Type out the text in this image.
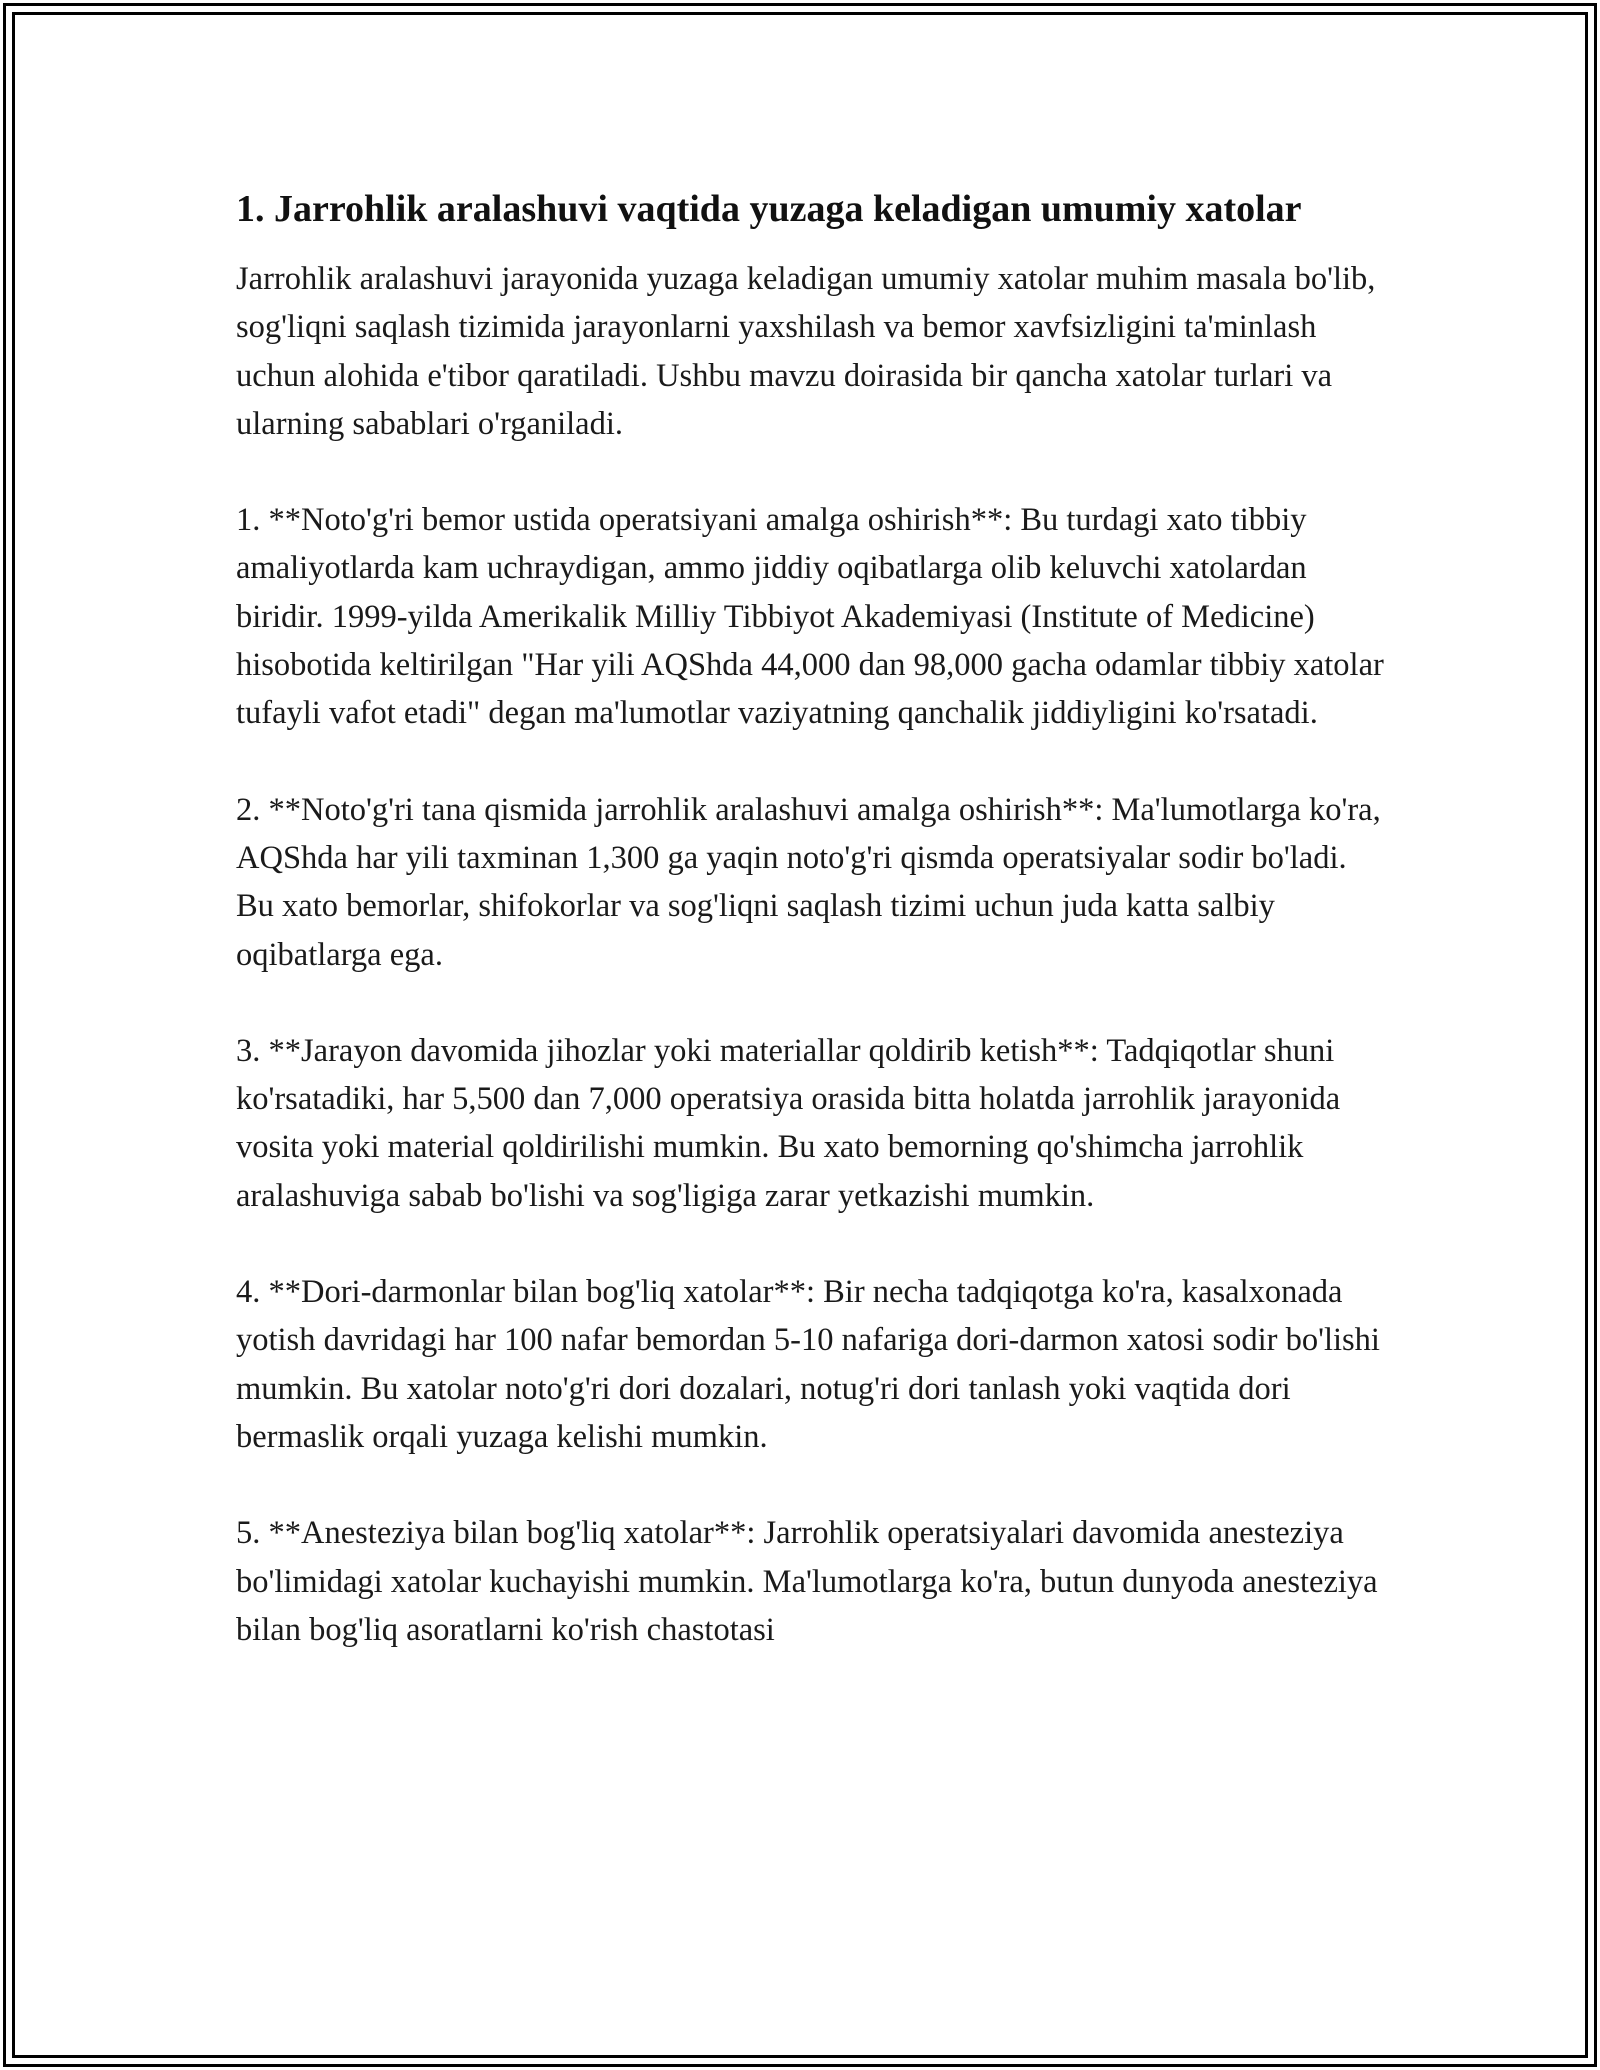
1. Jarrohlik aralashuvi vaqtida yuzaga keladigan umumiy xatolar

Jarrohlik aralashuvi jarayonida yuzaga keladigan umumiy xatolar muhim masala bo'lib, sog'liqni saqlash tizimida jarayonlarni yaxshilash va bemor xavfsizligini ta'minlash uchun alohida e'tibor qaratiladi. Ushbu mavzu doirasida bir qancha xatolar turlari va ularning sabablari o'rganiladi.

1. **Noto'g'ri bemor ustida operatsiyani amalga oshirish**: Bu turdagi xato tibbiy amaliyotlarda kam uchraydigan, ammo jiddiy oqibatlarga olib keluvchi xatolardan biridir. 1999-yilda Amerikalik Milliy Tibbiyot Akademiyasi (Institute of Medicine) hisobotida keltirilgan "Har yili AQShda 44,000 dan 98,000 gacha odamlar tibbiy xatolar tufayli vafot etadi" degan ma'lumotlar vaziyatning qanchalik jiddiyligini ko'rsatadi.

2. **Noto'g'ri tana qismida jarrohlik aralashuvi amalga oshirish**: Ma'lumotlarga ko'ra, AQShda har yili taxminan 1,300 ga yaqin noto'g'ri qismda operatsiyalar sodir bo'ladi. Bu xato bemorlar, shifokorlar va sog'liqni saqlash tizimi uchun juda katta salbiy oqibatlarga ega.

3. **Jarayon davomida jihozlar yoki materiallar qoldirib ketish**: Tadqiqotlar shuni ko'rsatadiki, har 5,500 dan 7,000 operatsiya orasida bitta holatda jarrohlik jarayonida vosita yoki material qoldirilishi mumkin. Bu xato bemorning qo'shimcha jarrohlik aralashuviga sabab bo'lishi va sog'ligiga zarar yetkazishi mumkin.

4. **Dori-darmonlar bilan bog'liq xatolar**: Bir necha tadqiqotga ko'ra, kasalxonada yotish davridagi har 100 nafar bemordan 5-10 nafariga dori-darmon xatosi sodir bo'lishi mumkin. Bu xatolar noto'g'ri dori dozalari, notug'ri dori tanlash yoki vaqtida dori bermaslik orqali yuzaga kelishi mumkin.

5. **Anesteziya bilan bog'liq xatolar**: Jarrohlik operatsiyalari davomida anesteziya bo'limidagi xatolar kuchayishi mumkin. Ma'lumotlarga ko'ra, butun dunyoda anesteziya bilan bog'liq asoratlarni ko'rish chastotasi
